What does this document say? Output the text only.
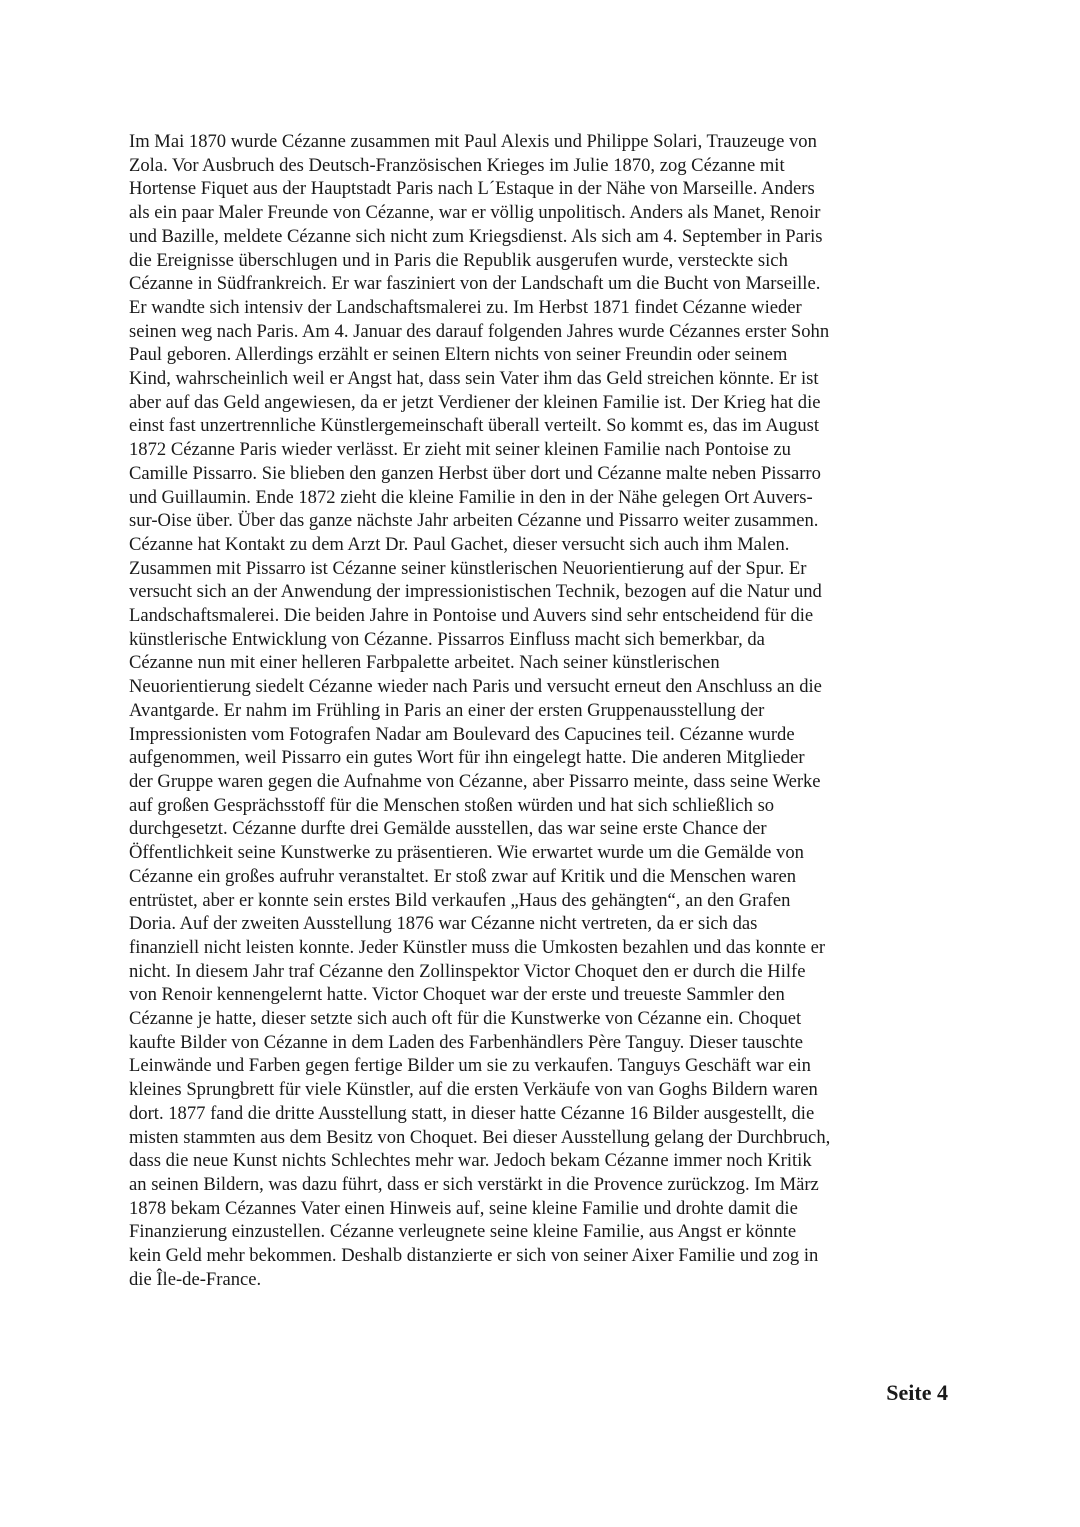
Im Mai 1870 wurde Cézanne zusammen mit Paul Alexis und Philippe Solari, Trauzeuge von
Zola. Vor Ausbruch des Deutsch-Französischen Krieges im Julie 1870, zog Cézanne mit
Hortense Fiquet aus der Hauptstadt Paris nach L´Estaque in der Nähe von Marseille. Anders
als ein paar Maler Freunde von Cézanne, war er völlig unpolitisch. Anders als Manet, Renoir
und Bazille, meldete Cézanne sich nicht zum Kriegsdienst. Als sich am 4. September in Paris
die Ereignisse überschlugen und in Paris die Republik ausgerufen wurde, versteckte sich
Cézanne in Südfrankreich. Er war fasziniert von der Landschaft um die Bucht von Marseille.
Er wandte sich intensiv der Landschaftsmalerei zu. Im Herbst 1871 findet Cézanne wieder
seinen weg nach Paris. Am 4. Januar des darauf folgenden Jahres wurde Cézannes erster Sohn
Paul geboren. Allerdings erzählt er seinen Eltern nichts von seiner Freundin oder seinem
Kind, wahrscheinlich weil er Angst hat, dass sein Vater ihm das Geld streichen könnte. Er ist
aber auf das Geld angewiesen, da er jetzt Verdiener der kleinen Familie ist. Der Krieg hat die
einst fast unzertrennliche Künstlergemeinschaft überall verteilt. So kommt es, das im August
1872 Cézanne Paris wieder verlässt. Er zieht mit seiner kleinen Familie nach Pontoise zu
Camille Pissarro. Sie blieben den ganzen Herbst über dort und Cézanne malte neben Pissarro
und Guillaumin. Ende 1872 zieht die kleine Familie in den in der Nähe gelegen Ort Auvers-
sur-Oise über. Über das ganze nächste Jahr arbeiten Cézanne und Pissarro weiter zusammen.
Cézanne hat Kontakt zu dem Arzt Dr. Paul Gachet, dieser versucht sich auch ihm Malen.
Zusammen mit Pissarro ist Cézanne seiner künstlerischen Neuorientierung auf der Spur. Er
versucht sich an der Anwendung der impressionistischen Technik, bezogen auf die Natur und
Landschaftsmalerei. Die beiden Jahre in Pontoise und Auvers sind sehr entscheidend für die
künstlerische Entwicklung von Cézanne. Pissarros Einfluss macht sich bemerkbar, da
Cézanne nun mit einer helleren Farbpalette arbeitet. Nach seiner künstlerischen
Neuorientierung siedelt Cézanne wieder nach Paris und versucht erneut den Anschluss an die
Avantgarde. Er nahm im Frühling in Paris an einer der ersten Gruppenausstellung der
Impressionisten vom Fotografen Nadar am Boulevard des Capucines teil. Cézanne wurde
aufgenommen, weil Pissarro ein gutes Wort für ihn eingelegt hatte. Die anderen Mitglieder
der Gruppe waren gegen die Aufnahme von Cézanne, aber Pissarro meinte, dass seine Werke
auf großen Gesprächsstoff für die Menschen stoßen würden und hat sich schließlich so
durchgesetzt. Cézanne durfte drei Gemälde ausstellen, das war seine erste Chance der
Öffentlichkeit seine Kunstwerke zu präsentieren. Wie erwartet wurde um die Gemälde von
Cézanne ein großes aufruhr veranstaltet. Er stoß zwar auf Kritik und die Menschen waren
entrüstet, aber er konnte sein erstes Bild verkaufen „Haus des gehängten“, an den Grafen
Doria. Auf der zweiten Ausstellung 1876 war Cézanne nicht vertreten, da er sich das
finanziell nicht leisten konnte. Jeder Künstler muss die Umkosten bezahlen und das konnte er
nicht. In diesem Jahr traf Cézanne den Zollinspektor Victor Choquet den er durch die Hilfe
von Renoir kennengelernt hatte. Victor Choquet war der erste und treueste Sammler den
Cézanne je hatte, dieser setzte sich auch oft für die Kunstwerke von Cézanne ein. Choquet
kaufte Bilder von Cézanne in dem Laden des Farbenhändlers Père Tanguy. Dieser tauschte
Leinwände und Farben gegen fertige Bilder um sie zu verkaufen. Tanguys Geschäft war ein
kleines Sprungbrett für viele Künstler, auf die ersten Verkäufe von van Goghs Bildern waren
dort. 1877 fand die dritte Ausstellung statt, in dieser hatte Cézanne 16 Bilder ausgestellt, die
misten stammten aus dem Besitz von Choquet. Bei dieser Ausstellung gelang der Durchbruch,
dass die neue Kunst nichts Schlechtes mehr war. Jedoch bekam Cézanne immer noch Kritik
an seinen Bildern, was dazu führt, dass er sich verstärkt in die Provence zurückzog. Im März
1878 bekam Cézannes Vater einen Hinweis auf, seine kleine Familie und drohte damit die
Finanzierung einzustellen. Cézanne verleugnete seine kleine Familie, aus Angst er könnte
kein Geld mehr bekommen. Deshalb distanzierte er sich von seiner Aixer Familie und zog in
die Île-de-France.

Seite 4
